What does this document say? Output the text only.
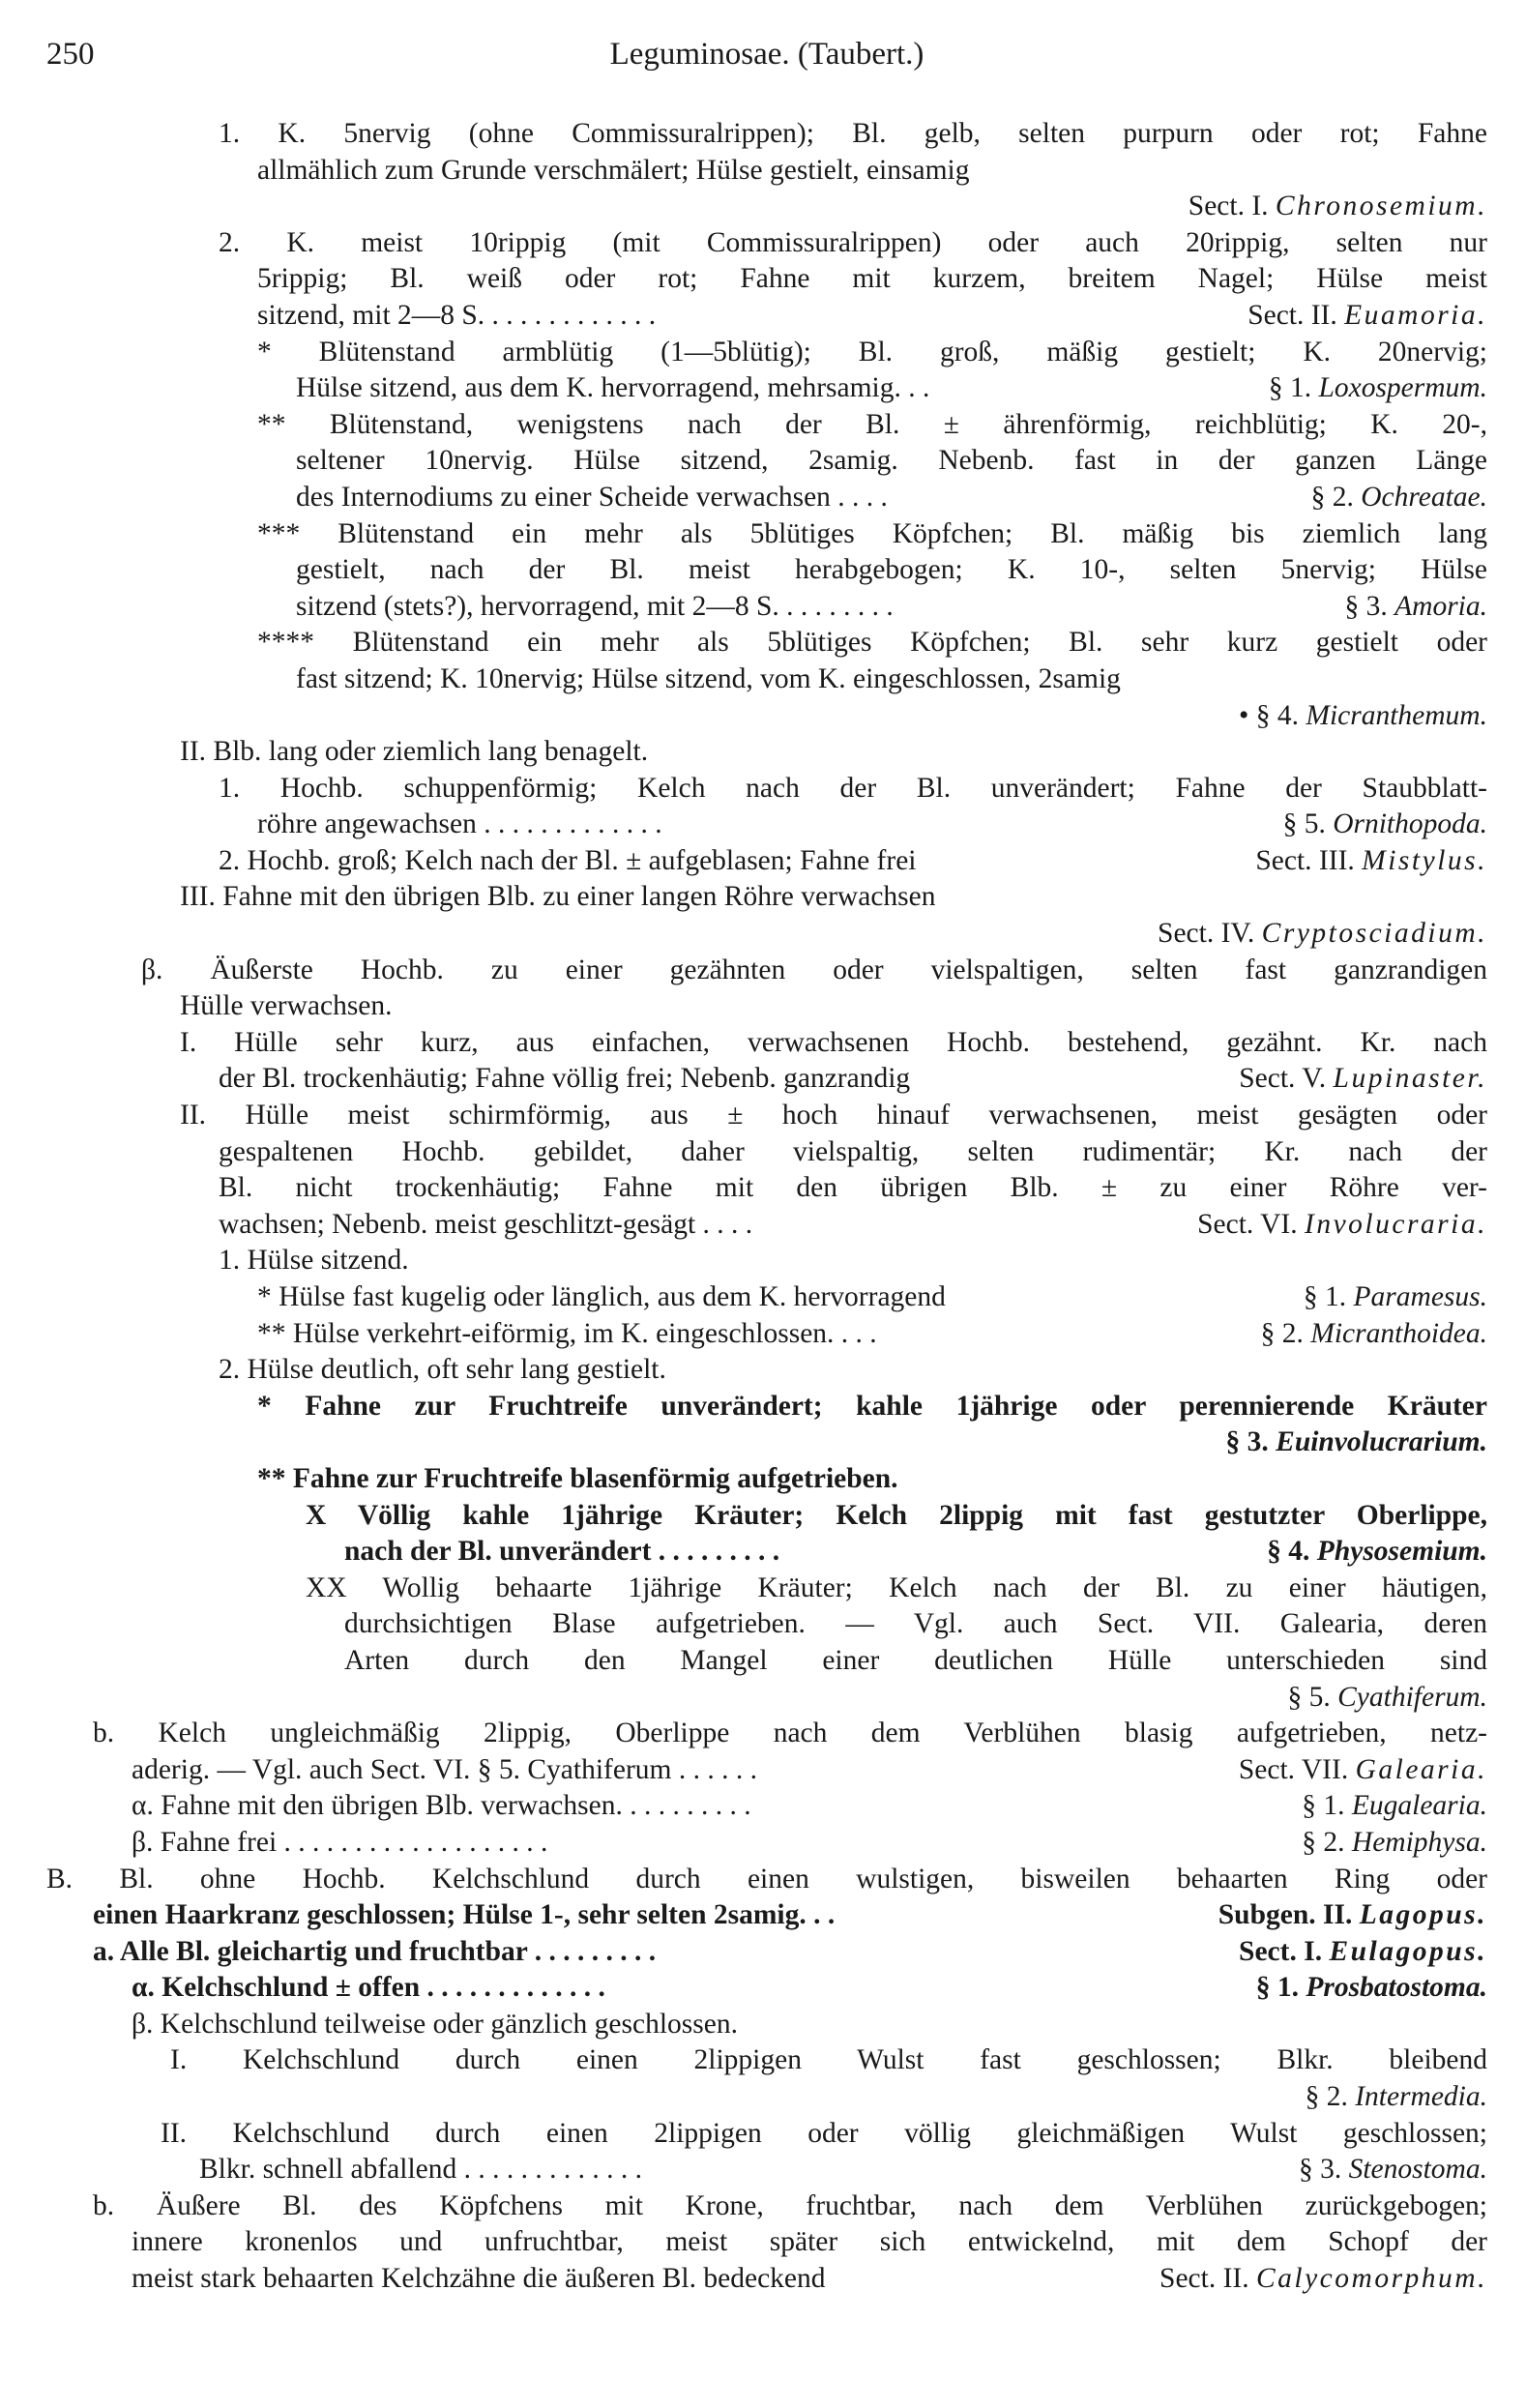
250	Leguminosae. (Taubert.)
1. K. 5nervig (ohne Commissuralrippen); Bl. gelb, selten purpurn oder rot; Fahne
allmählich zum Grunde verschmälert; Hülse gestielt, einsamig
Sect. I. Chronosemium.
2. K. meist 10rippig (mit Commissuralrippen) oder auch 20rippig, selten nur
5rippig; Bl. weiß oder rot; Fahne mit kurzem, breitem Nagel; Hülse meist
sitzend, mit 2—8 S. . . . . . . . . . . . .	Sect. II. Euamoria.
* Blütenstand armblütig (1—5blütig); Bl. groß, mäßig gestielt; K. 20nervig;
Hülse sitzend, aus dem K. hervorragend, mehrsamig. . .	§ 1. Loxospermum.
** Blütenstand, wenigstens nach der Bl. ± ährenförmig, reichblütig; K. 20-,
seltener 10nervig. Hülse sitzend, 2samig. Nebenb. fast in der ganzen Länge
des Internodiums zu einer Scheide verwachsen . . . .	§ 2. Ochreatae.
*** Blütenstand ein mehr als 5blütiges Köpfchen; Bl. mäßig bis ziemlich lang
gestielt, nach der Bl. meist herabgebogen; K. 10-, selten 5nervig; Hülse
sitzend (stets?), hervorragend, mit 2—8 S. . . . . . . . .	§ 3. Amoria.
**** Blütenstand ein mehr als 5blütiges Köpfchen; Bl. sehr kurz gestielt oder
fast sitzend; K. 10nervig; Hülse sitzend, vom K. eingeschlossen, 2samig
• § 4. Micranthemum.
II. Blb. lang oder ziemlich lang benagelt.
1. Hochb. schuppenförmig; Kelch nach der Bl. unverändert; Fahne der Staubblatt-
röhre angewachsen . . . . . . . . . . . . .	§ 5. Ornithopoda.
2. Hochb. groß; Kelch nach der Bl. ± aufgeblasen; Fahne frei	Sect. III. Mistylus.
III. Fahne mit den übrigen Blb. zu einer langen Röhre verwachsen
Sect. IV. Cryptosciadium.
β. Äußerste Hochb. zu einer gezähnten oder vielspaltigen, selten fast ganzrandigen
Hülle verwachsen.
I. Hülle sehr kurz, aus einfachen, verwachsenen Hochb. bestehend, gezähnt. Kr. nach
der Bl. trockenhäutig; Fahne völlig frei; Nebenb. ganzrandig	Sect. V. Lupinaster.
II. Hülle meist schirmförmig, aus ± hoch hinauf verwachsenen, meist gesägten oder
gespaltenen Hochb. gebildet, daher vielspaltig, selten rudimentär; Kr. nach der
Bl. nicht trockenhäutig; Fahne mit den übrigen Blb. ± zu einer Röhre ver-
wachsen; Nebenb. meist geschlitzt-gesägt . . . .	Sect. VI. Involucraria.
1. Hülse sitzend.
* Hülse fast kugelig oder länglich, aus dem K. hervorragend	§ 1. Paramesus.
** Hülse verkehrt-eiförmig, im K. eingeschlossen. . . .	§ 2. Micranthoidea.
2. Hülse deutlich, oft sehr lang gestielt.
* Fahne zur Fruchtreife unverändert; kahle 1jährige oder perennierende Kräuter
§ 3. Euinvolucrarium.
** Fahne zur Fruchtreife blasenförmig aufgetrieben.
X Völlig kahle 1jährige Kräuter; Kelch 2lippig mit fast gestutzter Oberlippe,
nach der Bl. unverändert . . . . . . . . .	§ 4. Physosemium.
XX Wollig behaarte 1jährige Kräuter; Kelch nach der Bl. zu einer häutigen,
durchsichtigen Blase aufgetrieben. — Vgl. auch Sect. VII. Galearia, deren
Arten durch den Mangel einer deutlichen Hülle unterschieden sind
§ 5. Cyathiferum.
b. Kelch ungleichmäßig 2lippig, Oberlippe nach dem Verblühen blasig aufgetrieben, netz-
aderig. — Vgl. auch Sect. VI. § 5. Cyathiferum . . . . . .	Sect. VII. Galearia.
α. Fahne mit den übrigen Blb. verwachsen. . . . . . . . . .	§ 1. Eugalearia.
β. Fahne frei . . . . . . . . . . . . . . . . . . .	§ 2. Hemiphysa.
B. Bl. ohne Hochb. Kelchschlund durch einen wulstigen, bisweilen behaarten Ring oder
einen Haarkranz geschlossen; Hülse 1-, sehr selten 2samig. . .	Subgen. II. Lagopus.
a. Alle Bl. gleichartig und fruchtbar . . . . . . . . .	Sect. I. Eulagopus.
α. Kelchschlund ± offen . . . . . . . . . . . . .	§ 1. Prosbatostoma.
β. Kelchschlund teilweise oder gänzlich geschlossen.
I. Kelchschlund durch einen 2lippigen Wulst fast geschlossen; Blkr. bleibend
§ 2. Intermedia.
II. Kelchschlund durch einen 2lippigen oder völlig gleichmäßigen Wulst geschlossen;
Blkr. schnell abfallend . . . . . . . . . . . . .	§ 3. Stenostoma.
b. Äußere Bl. des Köpfchens mit Krone, fruchtbar, nach dem Verblühen zurückgebogen;
innere kronenlos und unfruchtbar, meist später sich entwickelnd, mit dem Schopf der
meist stark behaarten Kelchzähne die äußeren Bl. bedeckend	Sect. II. Calycomorphum.
